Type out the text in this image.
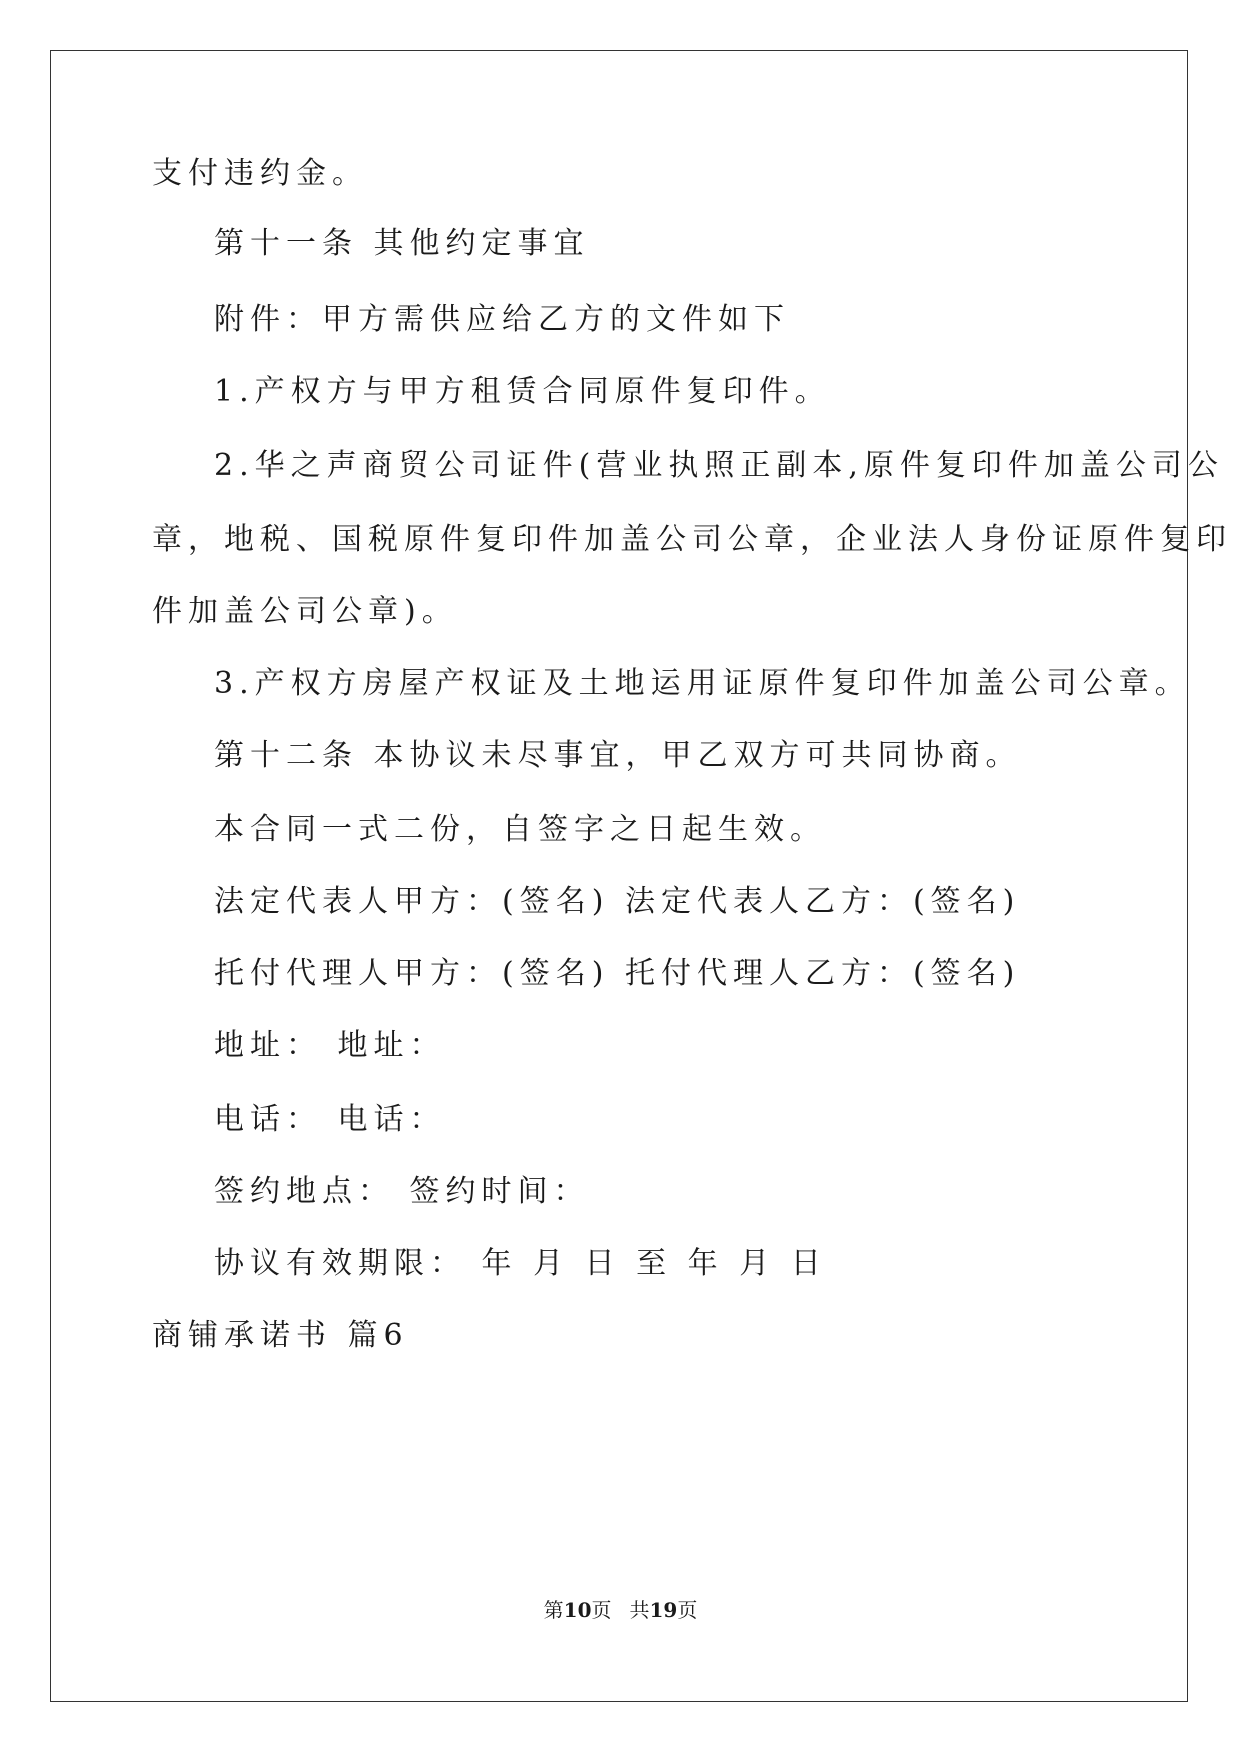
支付违约金。
第十一条 其他约定事宜
附件：甲方需供应给乙方的文件如下
1.产权方与甲方租赁合同原件复印件。
2.华之声商贸公司证件(营业执照正副本,原件复印件加盖公司公
章，地税、国税原件复印件加盖公司公章，企业法人身份证原件复印
件加盖公司公章)。
3.产权方房屋产权证及土地运用证原件复印件加盖公司公章。
第十二条 本协议未尽事宜，甲乙双方可共同协商。
本合同一式二份，自签字之日起生效。
法定代表人甲方：(签名) 法定代表人乙方：(签名)
托付代理人甲方：(签名) 托付代理人乙方：(签名)
地址： 地址：
电话： 电话：
签约地点： 签约时间：
协议有效期限： 年 月 日 至 年 月 日
商铺承诺书 篇6
第10页 共19页
